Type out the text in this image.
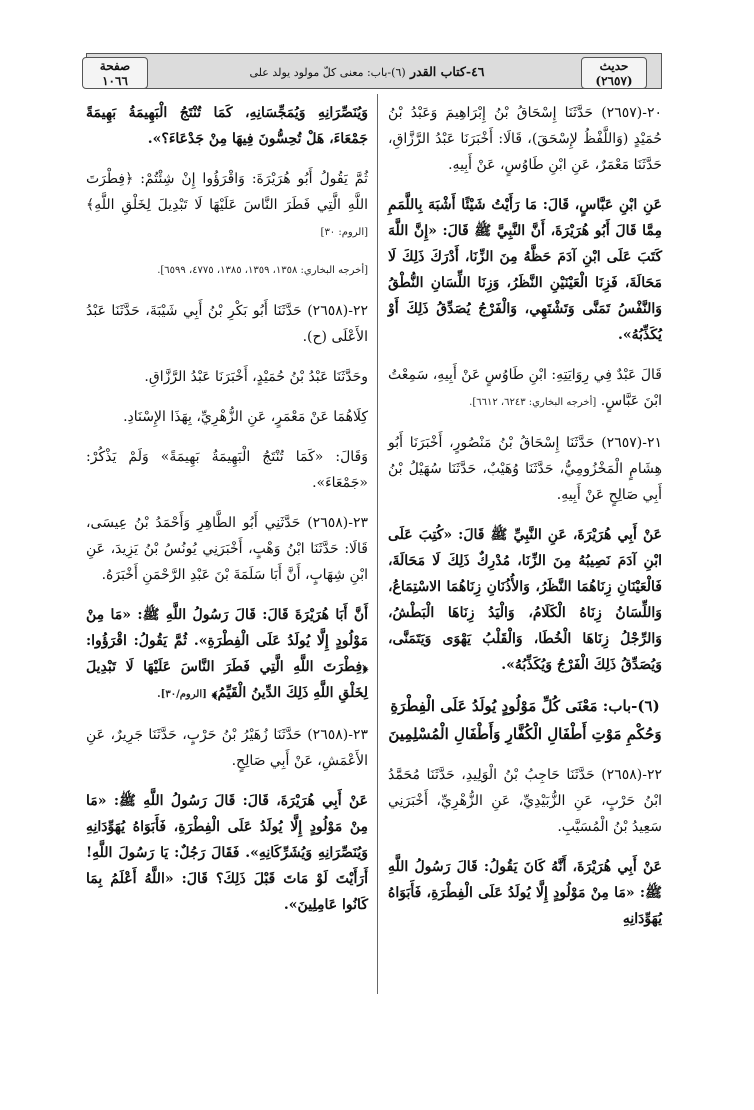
حديث
(٢٦٥٧)
٤٦-كتاب القدر (٦)-باب: معنى كلّ مولود يولد على
صفحة
١٠٦٦

٢٠-(٢٦٥٧) حَدَّثَنَا إِسْحَاقُ بْنُ إِبْرَاهِيمَ وَعَبْدُ بْنُ حُمَيْدٍ (وَاللَّفْظُ لإِسْحَقَ)، قَالَا: أَخْبَرَنَا عَبْدُ الرَّزَّاقِ، حَدَّثَنَا مَعْمَرٌ، عَنِ ابْنِ طَاوُسٍ، عَنْ أَبِيهِ.

عَنِ ابْنِ عَبَّاسٍ، قَالَ: مَا رَأَيْتُ شَيْئًا أَشْبَهَ بِاللَّمَمِ مِمَّا قَالَ أَبُو هُرَيْرَةَ، أَنَّ النَّبِيَّ ﷺ قَالَ: «إِنَّ اللَّهَ كَتَبَ عَلَى ابْنِ آدَمَ حَظَّهُ مِنَ الزِّنَا، أَدْرَكَ ذَلِكَ لَا مَحَالَةَ، فَزِنَا الْعَيْنَيْنِ النَّظَرُ، وَزِنَا اللِّسَانِ النُّطْقُ وَالنَّفْسُ تَمَنَّى وَتَشْتَهِي، وَالْفَرْجُ يُصَدِّقُ ذَلِكَ أَوْ يُكَذِّبُهُ».

قَالَ عَبْدٌ فِي رِوَايَتِهِ: ابْنِ طَاوُسٍ عَنْ أَبِيهِ، سَمِعْتُ ابْنَ عَبَّاسٍ. [أخرجه البخاري: ٦٢٤٣، ٦٦١٢].

٢١-(٢٦٥٧) حَدَّثَنَا إِسْحَاقُ بْنُ مَنْصُورٍ، أَخْبَرَنَا أَبُو هِشَامٍ الْمَخْزُومِيُّ، حَدَّثَنَا وُهَيْبٌ، حَدَّثَنَا سُهَيْلُ بْنُ أَبِي صَالِحٍ عَنْ أَبِيهِ.

عَنْ أَبِي هُرَيْرَةَ، عَنِ النَّبِيِّ ﷺ قَالَ: «كُتِبَ عَلَى ابْنِ آدَمَ نَصِيبُهُ مِنَ الزِّنَا، مُدْرِكٌ ذَلِكَ لَا مَحَالَةَ، فَالْعَيْنَانِ زِنَاهُمَا النَّظَرُ، وَالأُذُنَانِ زِنَاهُمَا الاسْتِمَاعُ، وَاللِّسَانُ زِنَاهُ الْكَلَامُ، وَالْيَدُ زِنَاهَا الْبَطْشُ، وَالرِّجْلُ زِنَاهَا الْخُطَا، وَالْقَلْبُ يَهْوَى وَيَتَمَنَّى، وَيُصَدِّقُ ذَلِكَ الْفَرْجُ وَيُكَذِّبُهُ».

(٦)-باب: مَعْنَى كُلِّ مَوْلُودٍ يُولَدُ عَلَى الْفِطْرَةِ وَحُكْمِ مَوْتِ أَطْفَالِ الْكُفَّارِ وَأَطْفَالِ الْمُسْلِمِينَ

٢٢-(٢٦٥٨) حَدَّثَنَا حَاجِبُ بْنُ الْوَلِيدِ، حَدَّثَنَا مُحَمَّدُ ابْنُ حَرْبٍ، عَنِ الزُّبَيْدِيِّ، عَنِ الزُّهْرِيِّ، أَخْبَرَنِي سَعِيدُ بْنُ الْمُسَيَّبِ.

عَنْ أَبِي هُرَيْرَةَ، أَنَّهُ كَانَ يَقُولُ: قَالَ رَسُولُ اللَّهِ ﷺ: «مَا مِنْ مَوْلُودٍ إِلَّا يُولَدُ عَلَى الْفِطْرَةِ، فَأَبَوَاهُ يُهَوِّدَانِهِ

وَيُنَصِّرَانِهِ وَيُمَجِّسَانِهِ، كَمَا تُنْتَجُ الْبَهِيمَةُ بَهِيمَةً جَمْعَاءَ، هَلْ تُحِسُّونَ فِيهَا مِنْ جَدْعَاءَ؟».

ثُمَّ يَقُولُ أَبُو هُرَيْرَةَ: وَاقْرَؤُوا إِنْ شِئْتُمْ: ﴿فِطْرَتَ اللَّهِ الَّتِي فَطَرَ النَّاسَ عَلَيْهَا لَا تَبْدِيلَ لِخَلْقِ اللَّهِ﴾ [الروم: ٣٠]

[أخرجه البخاري: ١٣٥٨، ١٣٥٩، ١٣٨٥، ٤٧٧٥، ٦٥٩٩].

٢٢-(٢٦٥٨) حَدَّثَنَا أَبُو بَكْرِ بْنُ أَبِي شَيْبَةَ، حَدَّثَنَا عَبْدُ الأَعْلَى (ح).

وحَدَّثَنَا عَبْدُ بْنُ حُمَيْدٍ، أَخْبَرَنَا عَبْدُ الرَّزَّاقِ.

كِلَاهُمَا عَنْ مَعْمَرٍ، عَنِ الزُّهْرِيِّ، بِهَذَا الإِسْنَادِ.

وَقَالَ: «كَمَا تُنْتَجُ الْبَهِيمَةُ بَهِيمَةً» وَلَمْ يَذْكُرْ: «جَمْعَاءَ».

٢٣-(٢٦٥٨) حَدَّثَنِي أَبُو الطَّاهِرِ وَأَحْمَدُ بْنُ عِيسَى، قَالَا: حَدَّثَنَا ابْنُ وَهْبٍ، أَخْبَرَنِي يُونُسُ بْنُ يَزِيدَ، عَنِ ابْنِ شِهَابٍ، أَنَّ أَبَا سَلَمَةَ بْنَ عَبْدِ الرَّحْمَنِ أَخْبَرَهُ.

أَنَّ أَبَا هُرَيْرَةَ قَالَ: قَالَ رَسُولُ اللَّهِ ﷺ: «مَا مِنْ مَوْلُودٍ إِلَّا يُولَدُ عَلَى الْفِطْرَةِ». ثُمَّ يَقُولُ: اقْرَؤُوا: ﴿فِطْرَتَ اللَّهِ الَّتِي فَطَرَ النَّاسَ عَلَيْهَا لَا تَبْدِيلَ لِخَلْقِ اللَّهِ ذَلِكَ الدِّينُ الْقَيِّمُ﴾ [الروم/٣٠].

٢٣-(٢٦٥٨) حَدَّثَنَا زُهَيْرُ بْنُ حَرْبٍ، حَدَّثَنَا جَرِيرٌ، عَنِ الأَعْمَشِ، عَنْ أَبِي صَالِحٍ.

عَنْ أَبِي هُرَيْرَةَ، قَالَ: قَالَ رَسُولُ اللَّهِ ﷺ: «مَا مِنْ مَوْلُودٍ إِلَّا يُولَدُ عَلَى الْفِطْرَةِ، فَأَبَوَاهُ يُهَوِّدَانِهِ وَيُنَصِّرَانِهِ وَيُشَرِّكَانِهِ». فَقَالَ رَجُلٌ: يَا رَسُولَ اللَّهِ! أَرَأَيْتَ لَوْ مَاتَ قَبْلَ ذَلِكَ؟ قَالَ: «اللَّهُ أَعْلَمُ بِمَا كَانُوا عَامِلِينَ».
